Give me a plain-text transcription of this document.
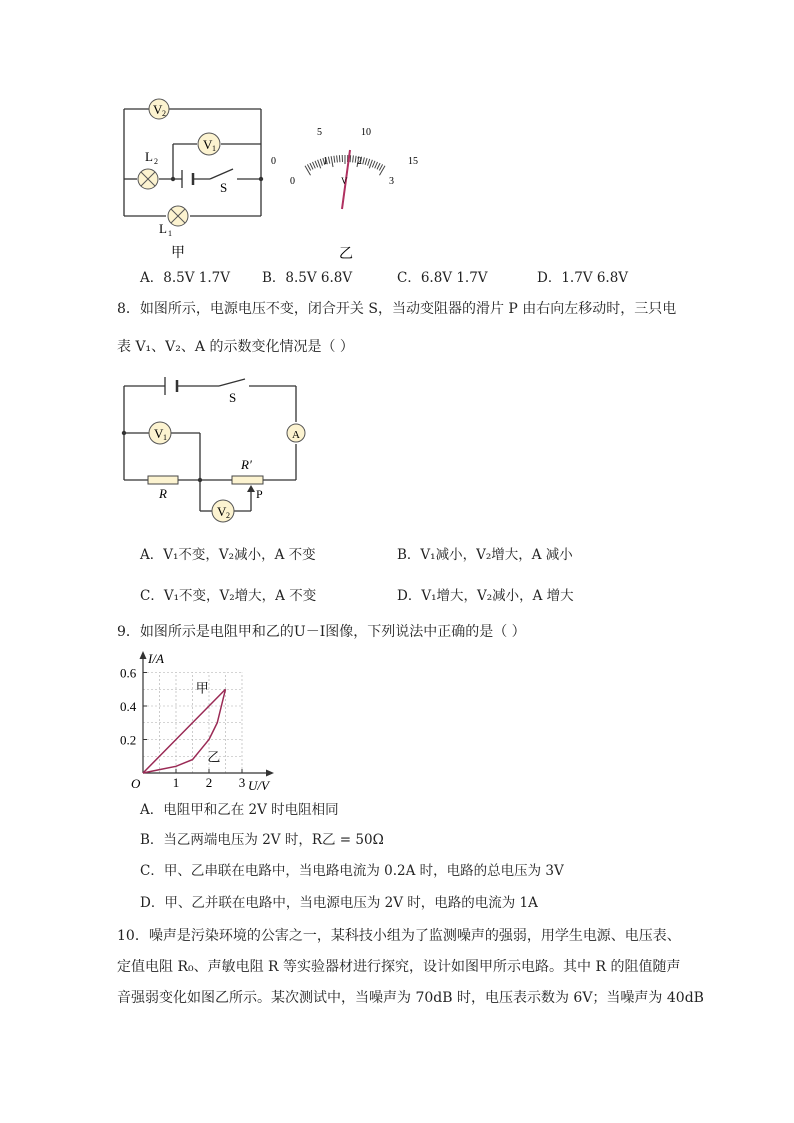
V 2
V 1
L 2
L 1
S
甲
0
5	10
15
0
1	2
3
V
乙
A．8.5V 1.7V B．8.5V 6.8V	C．6.8V 1.7V	D．1.7V 6.8V
8．如图所示，电源电压不变，闭合开关 S，当动变阻器的滑片 P 由右向左移动时，三只电
表 V₁、V₂、A 的示数变化情况是（ ）
V 1
V 2
A
S
R
R′
P
A．V₁不变，V₂减小，A 不变	B．V₁减小，V₂增大，A 减小
C．V₁不变，V₂增大，A 不变	D．V₁增大，V₂减小，A 增大
9．如图所示是电阻甲和乙的U－I图像，下列说法中正确的是（ ）
1 2 3
0.2
0.4
0.6
甲
乙
I/A
U/V
O
A．电阻甲和乙在 2V 时电阻相同
B．当乙两端电压为 2V 时，R乙 = 50Ω
C．甲、乙串联在电路中，当电路电流为 0.2A 时，电路的总电压为 3V
D．甲、乙并联在电路中，当电源电压为 2V 时，电路的电流为 1A
10．噪声是污染环境的公害之一，某科技小组为了监测噪声的强弱，用学生电源、电压表、
定值电阻 R₀、声敏电阻 R 等实验器材进行探究，设计如图甲所示电路。其中 R 的阻值随声
音强弱变化如图乙所示。某次测试中，当噪声为 70dB 时，电压表示数为 6V；当噪声为 40dB
